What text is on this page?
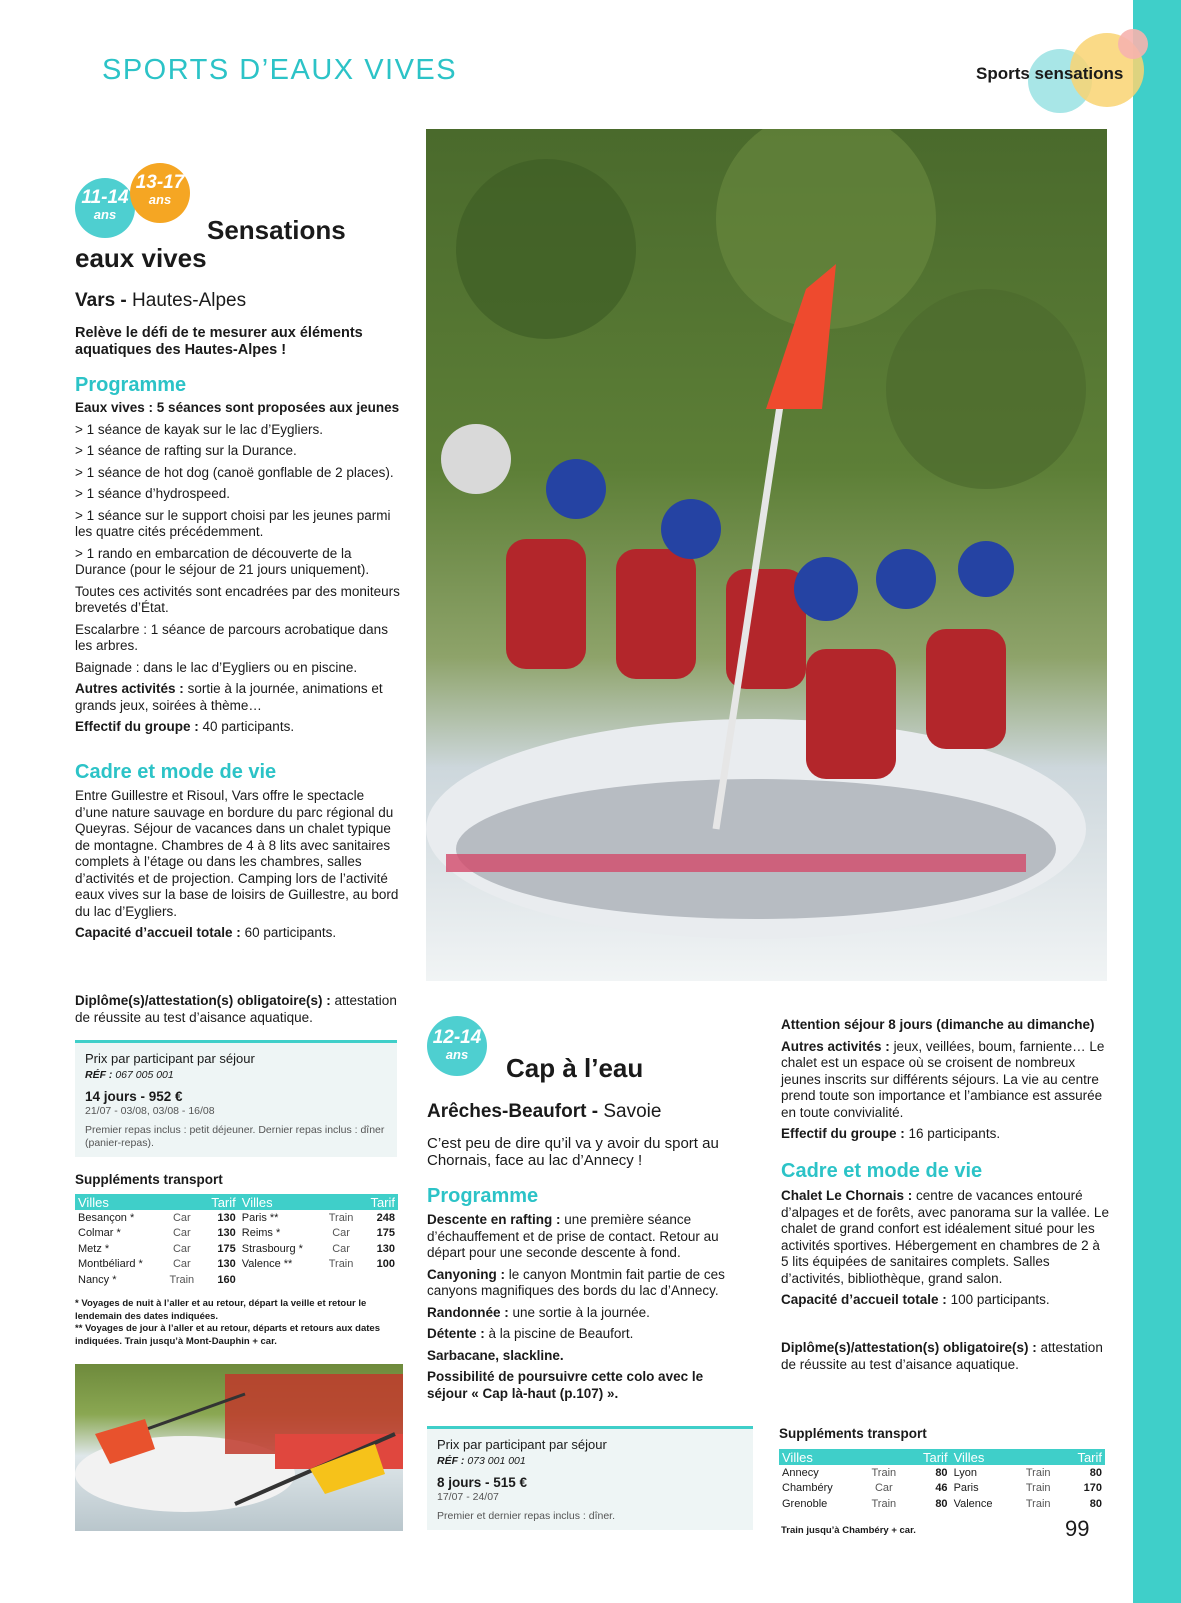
SPORTS D’EAUX VIVES	Sports sensations
11-14
ans
13-17
ans
Sensations
eaux vives
Vars - Hautes-Alpes
Relève le défi de te mesurer aux éléments aquatiques des Hautes-Alpes !
Programme

Eaux vives : 5 séances sont proposées aux jeunes

> 1 séance de kayak sur le lac d’Eygliers.

> 1 séance de rafting sur la Durance.

> 1 séance de hot dog (canoë gonflable de 2 places).

> 1 séance d’hydrospeed.

> 1 séance sur le support choisi par les jeunes parmi les quatre cités précédemment.

> 1 rando en embarcation de découverte de la Durance (pour le séjour de 21 jours uniquement).

Toutes ces activités sont encadrées par des moniteurs brevetés d’État.

Escalarbre : 1 séance de parcours acrobatique dans les arbres.

Baignade : dans le lac d’Eygliers ou en piscine.

Autres activités : sortie à la journée, animations et grands jeux, soirées à thème…

Effectif du groupe : 40 participants.

Cadre et mode de vie

Entre Guillestre et Risoul, Vars offre le spectacle d’une nature sauvage en bordure du parc régional du Queyras. Séjour de vacances dans un chalet typique de montagne. Chambres de 4 à 8 lits avec sanitaires complets à l’étage ou dans les chambres, salles d’activités et de projection. Camping lors de l’activité eaux vives sur la base de loisirs de Guillestre, au bord du lac d’Eygliers.

Capacité d’accueil totale : 60 participants.

Diplôme(s)/attestation(s) obligatoire(s) : attestation de réussite au test d’aisance aquatique.
Prix par participant par séjour
RÉF : 067 005 001
14 jours - 952 €
21/07 - 03/08, 03/08 - 16/08
Premier repas inclus : petit déjeuner. Dernier repas inclus : dîner (panier-repas).
Suppléments transport
Villes		Tarif	Villes		Tarif
Besançon *	Car	130	Paris **	Train	248
Colmar *	Car	130	Reims *	Car	175
Metz *	Car	175	Strasbourg *	Car	130
Montbéliard *	Car	130	Valence **	Train	100
Nancy *	Train	160			
* Voyages de nuit à l’aller et au retour, départ la veille et retour le lendemain des dates indiquées.
** Voyages de jour à l’aller et au retour, départs et retours aux dates indiquées. Train jusqu’à Mont-Dauphin + car.
12-14
ans	Cap à l’eau
Arêches-Beaufort - Savoie
C’est peu de dire qu’il va y avoir du sport au Chornais, face au lac d’Annecy !
Programme

Descente en rafting : une première séance d’échauffement et de prise de contact. Retour au départ pour une seconde descente à fond.

Canyoning : le canyon Montmin fait partie de ces canyons magnifiques des bords du lac d’Annecy.

Randonnée : une sortie à la journée.

Détente : à la piscine de Beaufort.

Sarbacane, slackline.

Possibilité de poursuivre cette colo avec le séjour « Cap là-haut (p.107) ».

Prix par participant par séjour
RÉF : 073 001 001
8 jours - 515 €
17/07 - 24/07
Premier et dernier repas inclus : dîner.

Attention séjour 8 jours (dimanche au dimanche)

Autres activités : jeux, veillées, boum, farniente… Le chalet est un espace où se croisent de nombreux jeunes inscrits sur différents séjours. La vie au centre prend toute son importance et l’ambiance est assurée en toute convivialité.

Effectif du groupe : 16 participants.

Cadre et mode de vie

Chalet Le Chornais : centre de vacances entouré d’alpages et de forêts, avec panorama sur la vallée. Le chalet de grand confort est idéalement situé pour les activités sportives. Hébergement en chambres de 2 à 5 lits équipées de sanitaires complets. Salles d’activités, bibliothèque, grand salon.

Capacité d’accueil totale : 100 participants.

Diplôme(s)/attestation(s) obligatoire(s) : attestation de réussite au test d’aisance aquatique.
Suppléments transport
Villes		Tarif	Villes		Tarif
Annecy	Train	80	Lyon	Train	80
Chambéry	Car	46	Paris	Train	170
Grenoble	Train	80	Valence	Train	80
Train jusqu’à Chambéry + car.	99
